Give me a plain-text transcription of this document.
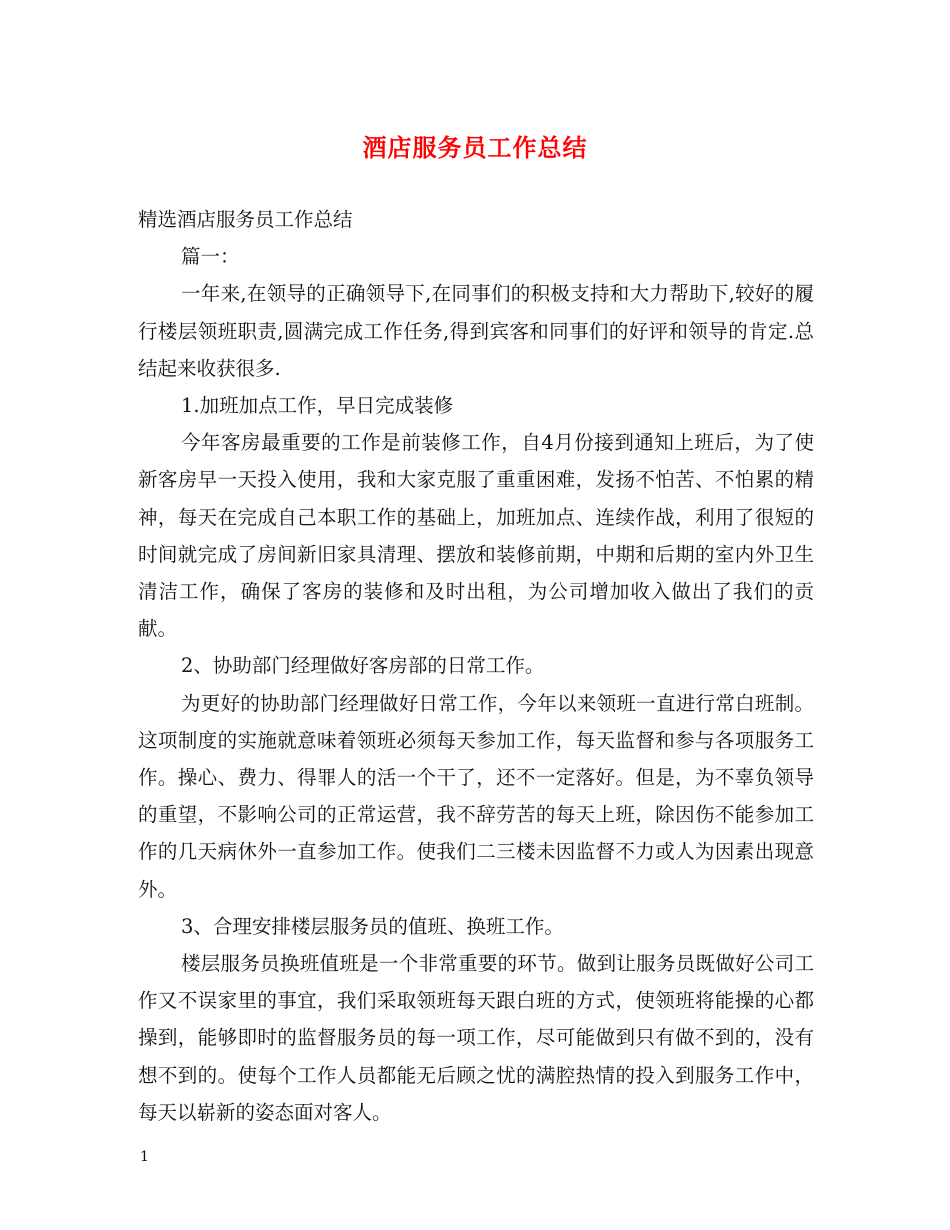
酒店服务员工作总结

精选酒店服务员工作总结

篇一：

一年来,在领导的正确领导下,在同事们的积极支持和大力帮助下,较好的履行楼层领班职责,圆满完成工作任务,得到宾客和同事们的好评和领导的肯定.总结起来收获很多.

1.加班加点工作，早日完成装修

今年客房最重要的工作是前装修工作，自4月份接到通知上班后，为了使新客房早一天投入使用，我和大家克服了重重困难，发扬不怕苦、不怕累的精神，每天在完成自己本职工作的基础上，加班加点、连续作战，利用了很短的时间就完成了房间新旧家具清理、摆放和装修前期，中期和后期的室内外卫生清洁工作，确保了客房的装修和及时出租，为公司增加收入做出了我们的贡献。

2、协助部门经理做好客房部的日常工作。

为更好的协助部门经理做好日常工作，今年以来领班一直进行常白班制。这项制度的实施就意味着领班必须每天参加工作，每天监督和参与各项服务工作。操心、费力、得罪人的活一个干了，还不一定落好。但是，为不辜负领导的重望，不影响公司的正常运营，我不辞劳苦的每天上班，除因伤不能参加工作的几天病休外一直参加工作。使我们二三楼未因监督不力或人为因素出现意外。

3、合理安排楼层服务员的值班、换班工作。

楼层服务员换班值班是一个非常重要的环节。做到让服务员既做好公司工作又不误家里的事宜，我们采取领班每天跟白班的方式，使领班将能操的心都操到，能够即时的监督服务员的每一项工作，尽可能做到只有做不到的，没有想不到的。使每个工作人员都能无后顾之忧的满腔热情的投入到服务工作中，每天以崭新的姿态面对客人。

1
